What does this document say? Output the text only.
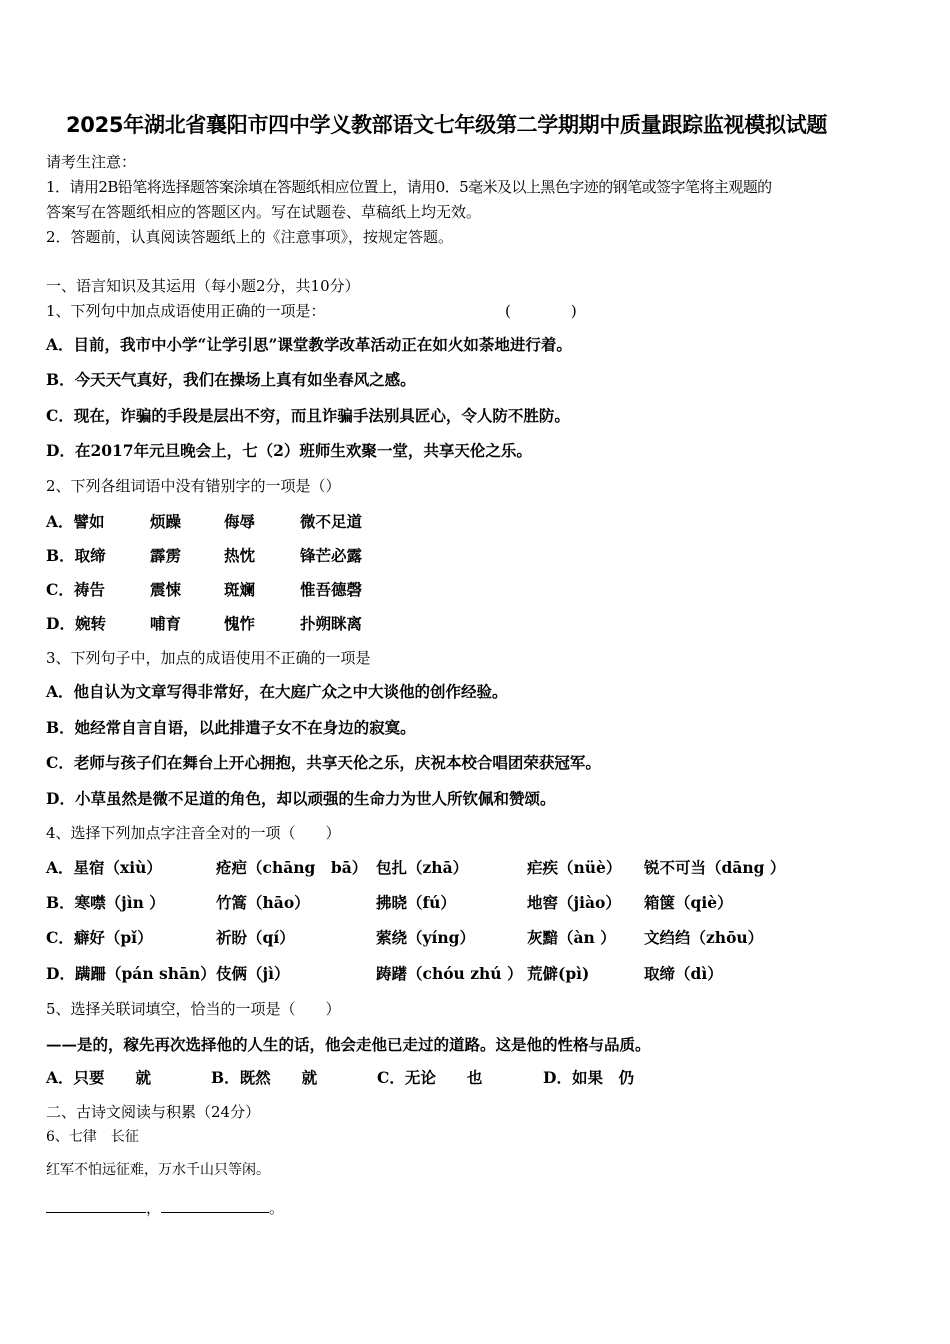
2025年湖北省襄阳市四中学义教部语文七年级第二学期期中质量跟踪监视模拟试题
请考生注意：
1．请用2B铅笔将选择题答案涂填在答题纸相应位置上，请用0．5毫米及以上黑色字迹的钢笔或签字笔将主观题的
答案写在答题纸相应的答题区内。写在试题卷、草稿纸上均无效。
2．答题前，认真阅读答题纸上的《注意事项》，按规定答题。
一、语言知识及其运用（每小题2分，共10分）
1、下列句中加点成语使用正确的一项是：	(　　　　)
A．目前，我市中小学“让学引思”课堂教学改革活动正在如火如荼地进行着。
B．今天天气真好，我们在操场上真有如坐春风之感。
C．现在，诈骗的手段是层出不穷，而且诈骗手法别具匠心，令人防不胜防。
D．在2017年元旦晚会上，七（2）班师生欢聚一堂，共享天伦之乐。
2、下列各组词语中没有错别字的一项是（）
A．譬如	烦躁	侮辱	微不足道
B．取缔	霹雳	热忱	锋芒必露
C．祷告	震悚	斑斓	惟吾德磬
D．婉转	哺育	愧怍	扑朔眯离
3、下列句子中，加点的成语使用不正确的一项是
A．他自认为文章写得非常好，在大庭广众之中大谈他的创作经验。
B．她经常自言自语，以此排遣子女不在身边的寂寞。
C．老师与孩子们在舞台上开心拥抱，共享天伦之乐，庆祝本校合唱团荣获冠军。
D．小草虽然是微不足道的角色，却以顽强的生命力为世人所钦佩和赞颂。
4、选择下列加点字注音全对的一项（　　）
A．星宿（xiù）	疮疤（chāng　bā） 包扎（zhā）	疟疾（nüè） 锐不可当（dāng ）
B．寒噤（jìn ）	竹篙（hāo）	拂晓（fú）	地窖（jiào） 箱箧（qiè）
C．癖好（pǐ）	祈盼（qí）	萦绕（yíng）	灰黯（àn ） 文绉绉（zhōu）
D．蹒跚（pán shān）伎俩（jì）	踌躇（chóu zhú ） 荒僻(pì)	取缔（dì）
5、选择关联词填空，恰当的一项是（　　）
——是的，稼先再次选择他的人生的话，他会走他已走过的道路。这是他的性格与品质。
A．只要　　就	B．既然　　就	C．无论　　也	D．如果　仍
二、古诗文阅读与积累（24分）
6、七律　长征
红军不怕远征难，万水千山只等闲。
，	。
